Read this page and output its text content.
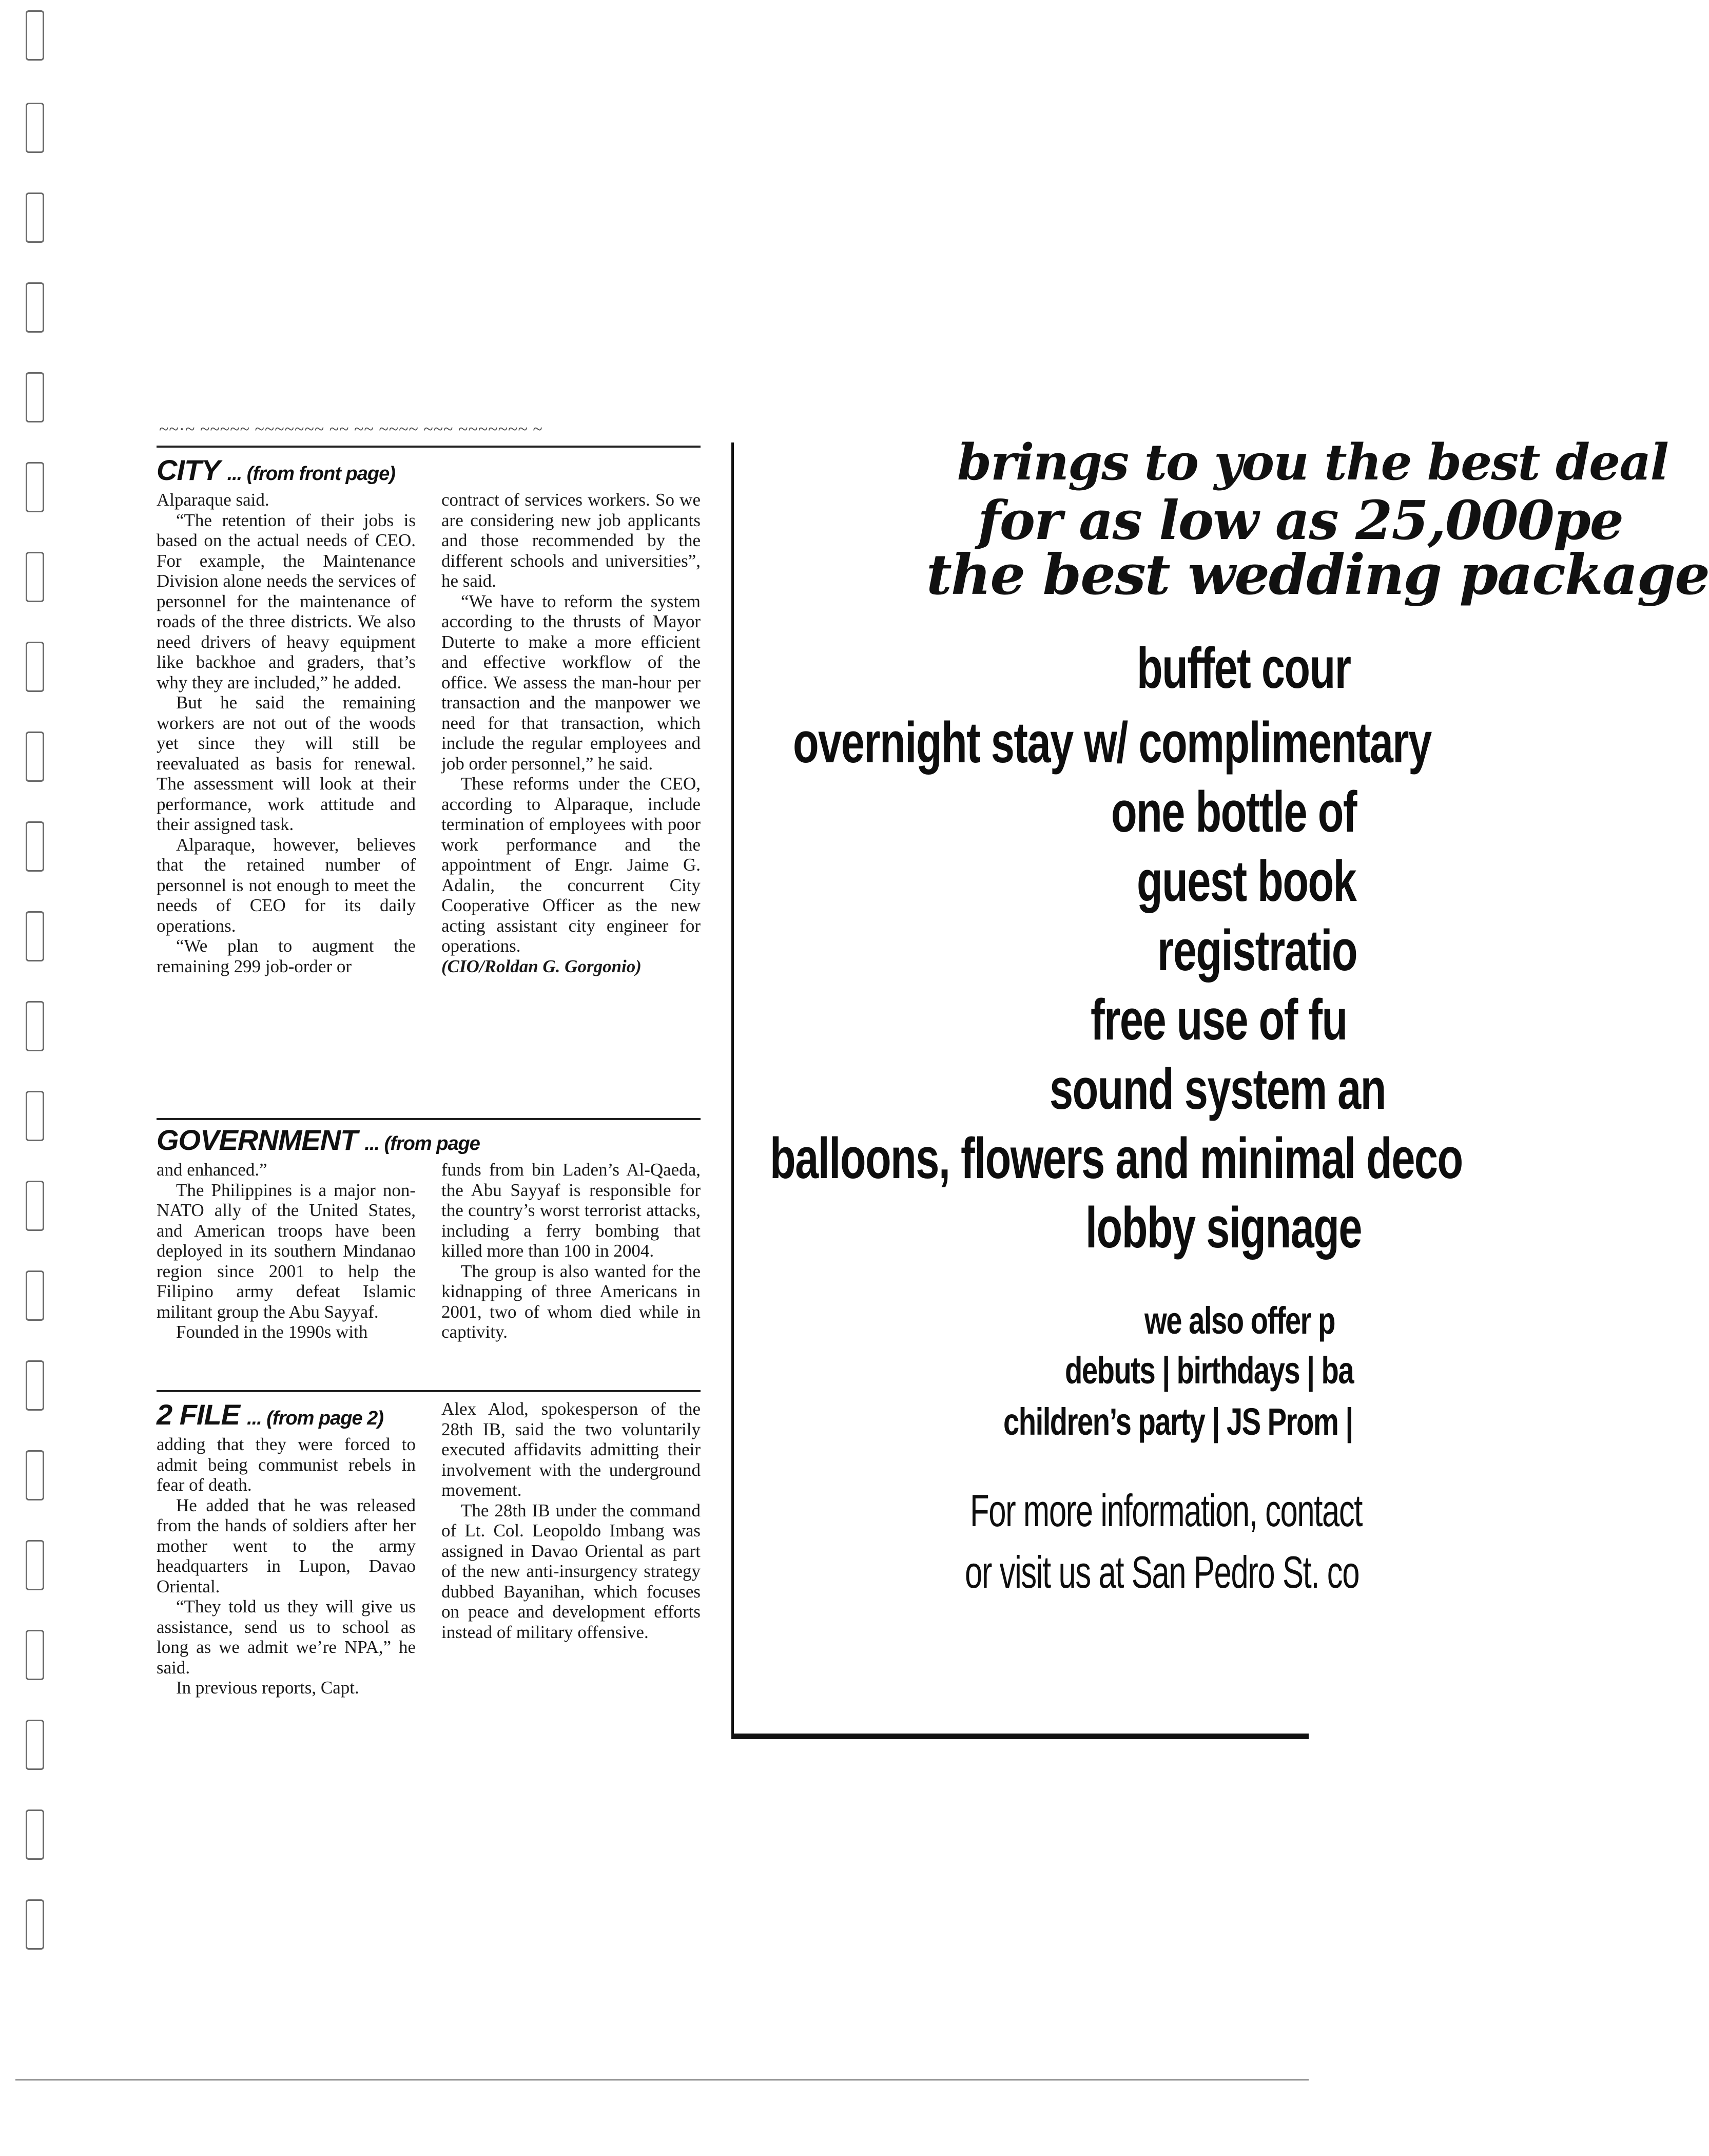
~~·~ ~~~~~ ~~~~~~~ ~~ ~~ ~~~~ ~~~ ~~~~~~~ ~
CITY ... (from front page)

Alparaque said.

“The retention of their jobs is based on the actual needs of CEO. For example, the Maintenance Division alone needs the services of personnel for the maintenance of roads of the three districts. We also need drivers of heavy equipment like backhoe and graders, that’s why they are included,” he added.

But he said the remaining workers are not out of the woods yet since they will still be reevaluated as basis for renewal. The assessment will look at their performance, work attitude and their assigned task.

Alparaque, however, believes that the retained number of personnel is not enough to meet the needs of CEO for its daily operations.

“We plan to augment the remaining 299 job-order or

contract of services workers. So we are considering new job applicants and those recommended by the different schools and universities”, he said.

“We have to reform the system according to the thrusts of Mayor Duterte to make a more efficient and effective workflow of the office. We assess the man-hour per transaction and the manpower we need for that transaction, which include the regular employees and job order personnel,” he said.

These reforms under the CEO, according to Alparaque, include termination of employees with poor work performance and the appointment of Engr. Jaime G. Adalin, the concurrent City Cooperative Officer as the new acting assistant city engineer for operations.

(CIO/Roldan G. Gorgonio)

GOVERNMENT ... (from page

and enhanced.”

The Philippines is a major non-NATO ally of the United States, and American troops have been deployed in its southern Mindanao region since 2001 to help the Filipino army defeat Islamic militant group the Abu Sayyaf.

Founded in the 1990s with

funds from bin Laden’s Al-Qaeda, the Abu Sayyaf is responsible for the country’s worst terrorist attacks, including a ferry bombing that killed more than 100 in 2004.

The group is also wanted for the kidnapping of three Americans in 2001, two of whom died while in captivity.

2 FILE ... (from page 2)

adding that they were forced to admit being communist rebels in fear of death.

He added that he was released from the hands of soldiers after her mother went to the army headquarters in Lupon, Davao Oriental.

“They told us they will give us assistance, send us to school as long as we admit we’re NPA,” he said.

In previous reports, Capt.

Alex Alod, spokesperson of the 28th IB, said the two voluntarily executed affidavits admitting their involvement with the underground movement.

The 28th IB under the command of Lt. Col. Leopoldo Imbang was assigned in Davao Oriental as part of the new anti-insurgency strategy dubbed Bayanihan, which focuses on peace and development efforts instead of military offensive.

brings to you the best deal
for as low as 25,000pe
the best wedding package
buffet cour
overnight stay w/ complimentary
one bottle of
guest book
registratio
free use of fu
sound system an
balloons, flowers and minimal deco
lobby signage
we also offer p
debuts | birthdays | ba
children’s party | JS Prom |
For more information, contact
or visit us at San Pedro St. co
